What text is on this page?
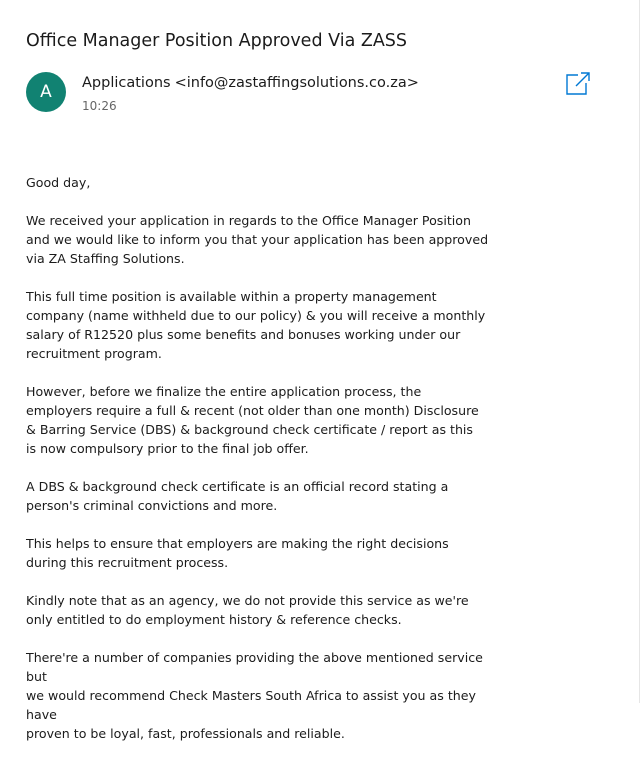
Office Manager Position Approved Via ZASS
A	Applications <info@zastaffingsolutions.co.za>
10:26

Good day,

We received your application in regards to the Office Manager Position
and we would like to inform you that your application has been approved
via ZA Staffing Solutions.

This full time position is available within a property management
company (name withheld due to our policy) & you will receive a monthly
salary of R12520 plus some benefits and bonuses working under our
recruitment program.

However, before we finalize the entire application process, the
employers require a full & recent (not older than one month) Disclosure
& Barring Service (DBS) & background check certificate / report as this
is now compulsory prior to the final job offer.

A DBS & background check certificate is an official record stating a
person's criminal convictions and more.

This helps to ensure that employers are making the right decisions
during this recruitment process.

Kindly note that as an agency, we do not provide this service as we're
only entitled to do employment history & reference checks.

There're a number of companies providing the above mentioned service but
we would recommend Check Masters South Africa to assist you as they have
proven to be loyal, fast, professionals and reliable.
